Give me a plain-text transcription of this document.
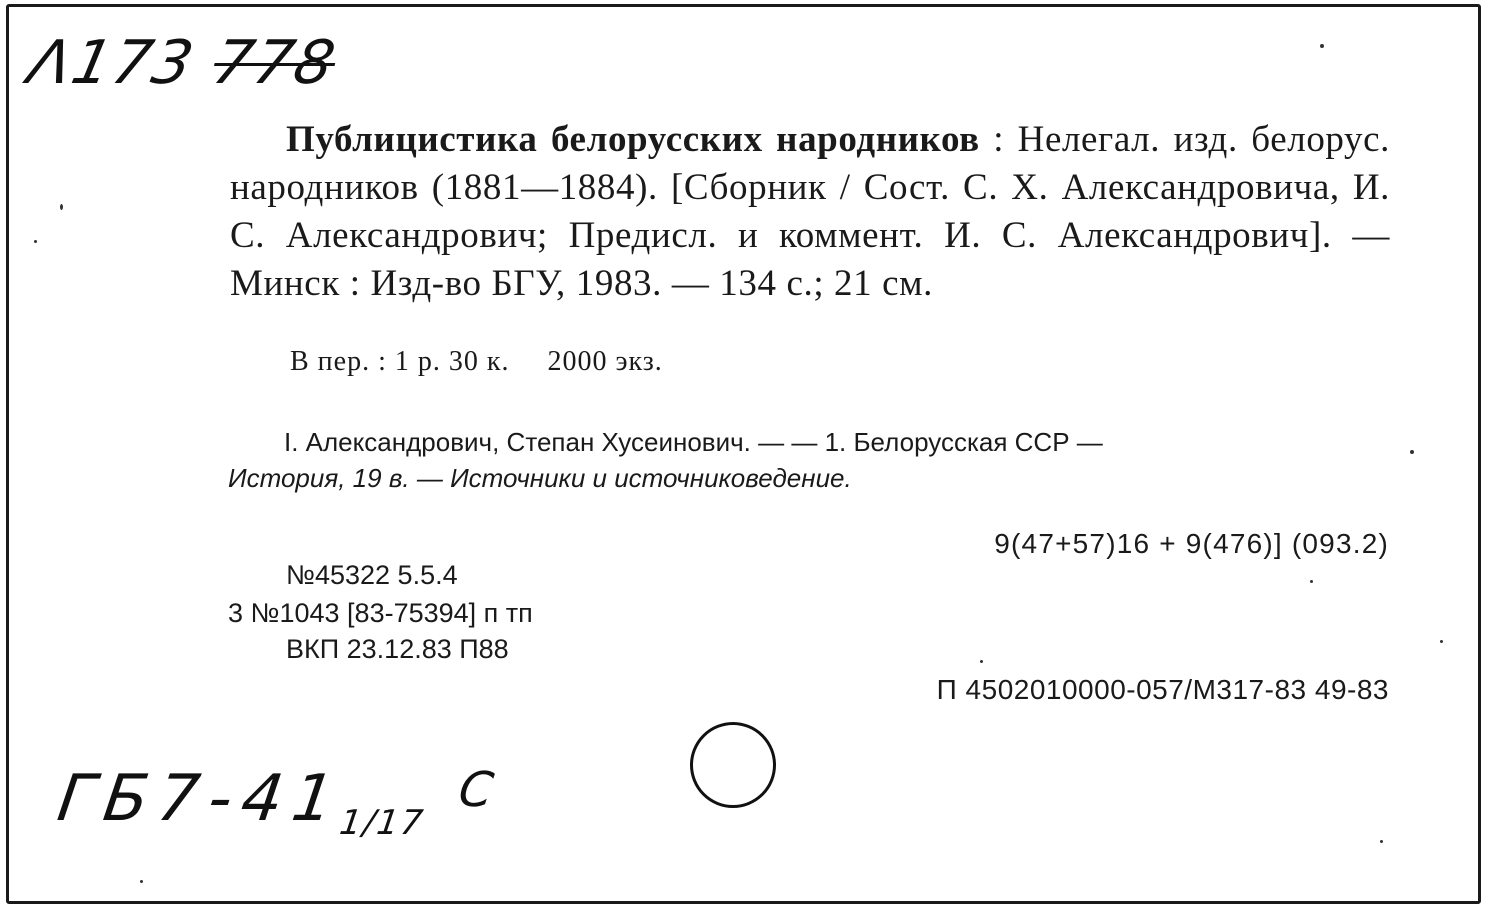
Λ173 778
Публицистика белорусских народников : Нелегал. изд. белорус. народников (1881—1884). [Сборник / Сост. С. Х. Александровича, И. С. Александрович; Предисл. и коммент. И. С. Александрович]. — Минск : Изд-во БГУ, 1983. — 134 с.; 21 см.
В пер. : 1 р. 30 к. 2000 экз.
I. Александрович, Степан Хусеинович. — — 1. Белорусская ССР —
История, 19 в. — Источники и источниковедение.
9(47+57)16 + 9(476)] (093.2)
№45322 5.5.4
3 №1043 [83-75394] п тп
ВКП 23.12.83 П88
П 4502010000-057/М317-83 49-83
$ГБ7-41_{1/17}$ $^С$
